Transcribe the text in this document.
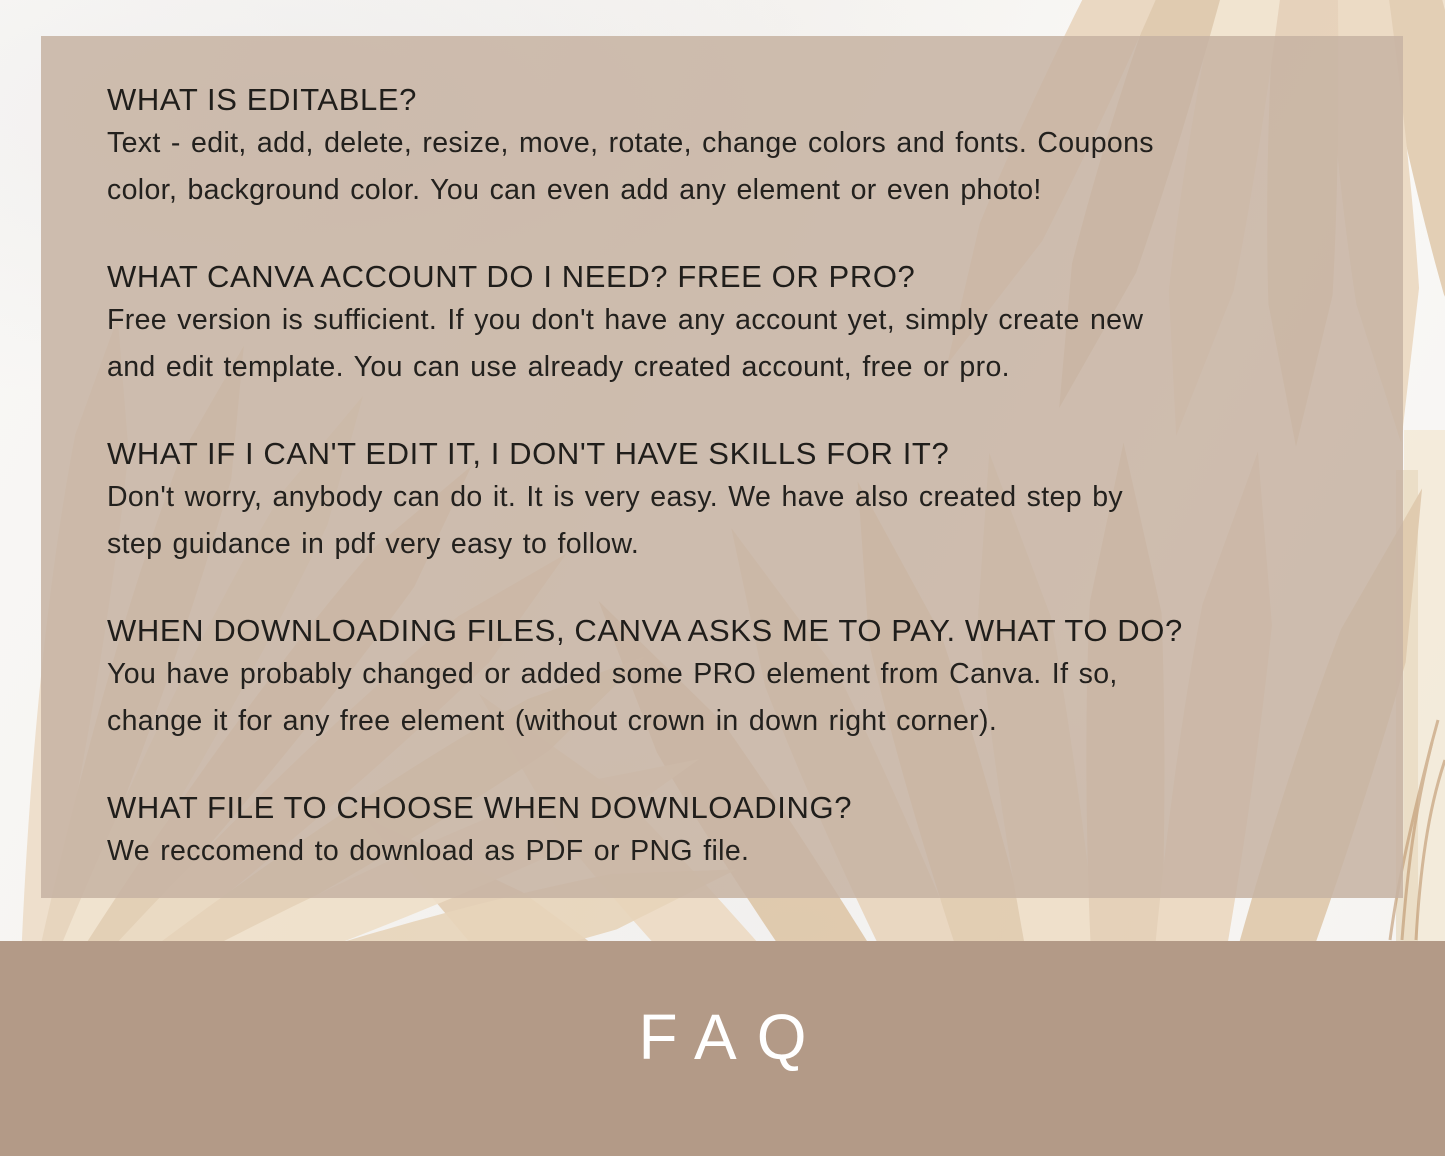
WHAT IS EDITABLE?
Text - edit, add, delete, resize, move, rotate, change colors and fonts. Coupons
color, background color. You can even add any element or even photo!
WHAT CANVA ACCOUNT DO I NEED? FREE OR PRO?
Free version is sufficient. If you don't have any account yet, simply create new
and edit template. You can use already created account, free or pro.
WHAT IF I CAN'T EDIT IT, I DON'T HAVE SKILLS FOR IT?
Don't worry, anybody can do it. It is very easy. We have also created step by
step guidance in pdf very easy to follow.
WHEN DOWNLOADING FILES, CANVA ASKS ME TO PAY. WHAT TO DO?
You have probably changed or added some PRO element from Canva. If so,
change it for any free element (without crown in down right corner).
WHAT FILE TO CHOOSE WHEN DOWNLOADING?
We reccomend to download as PDF or PNG file.
FAQ
